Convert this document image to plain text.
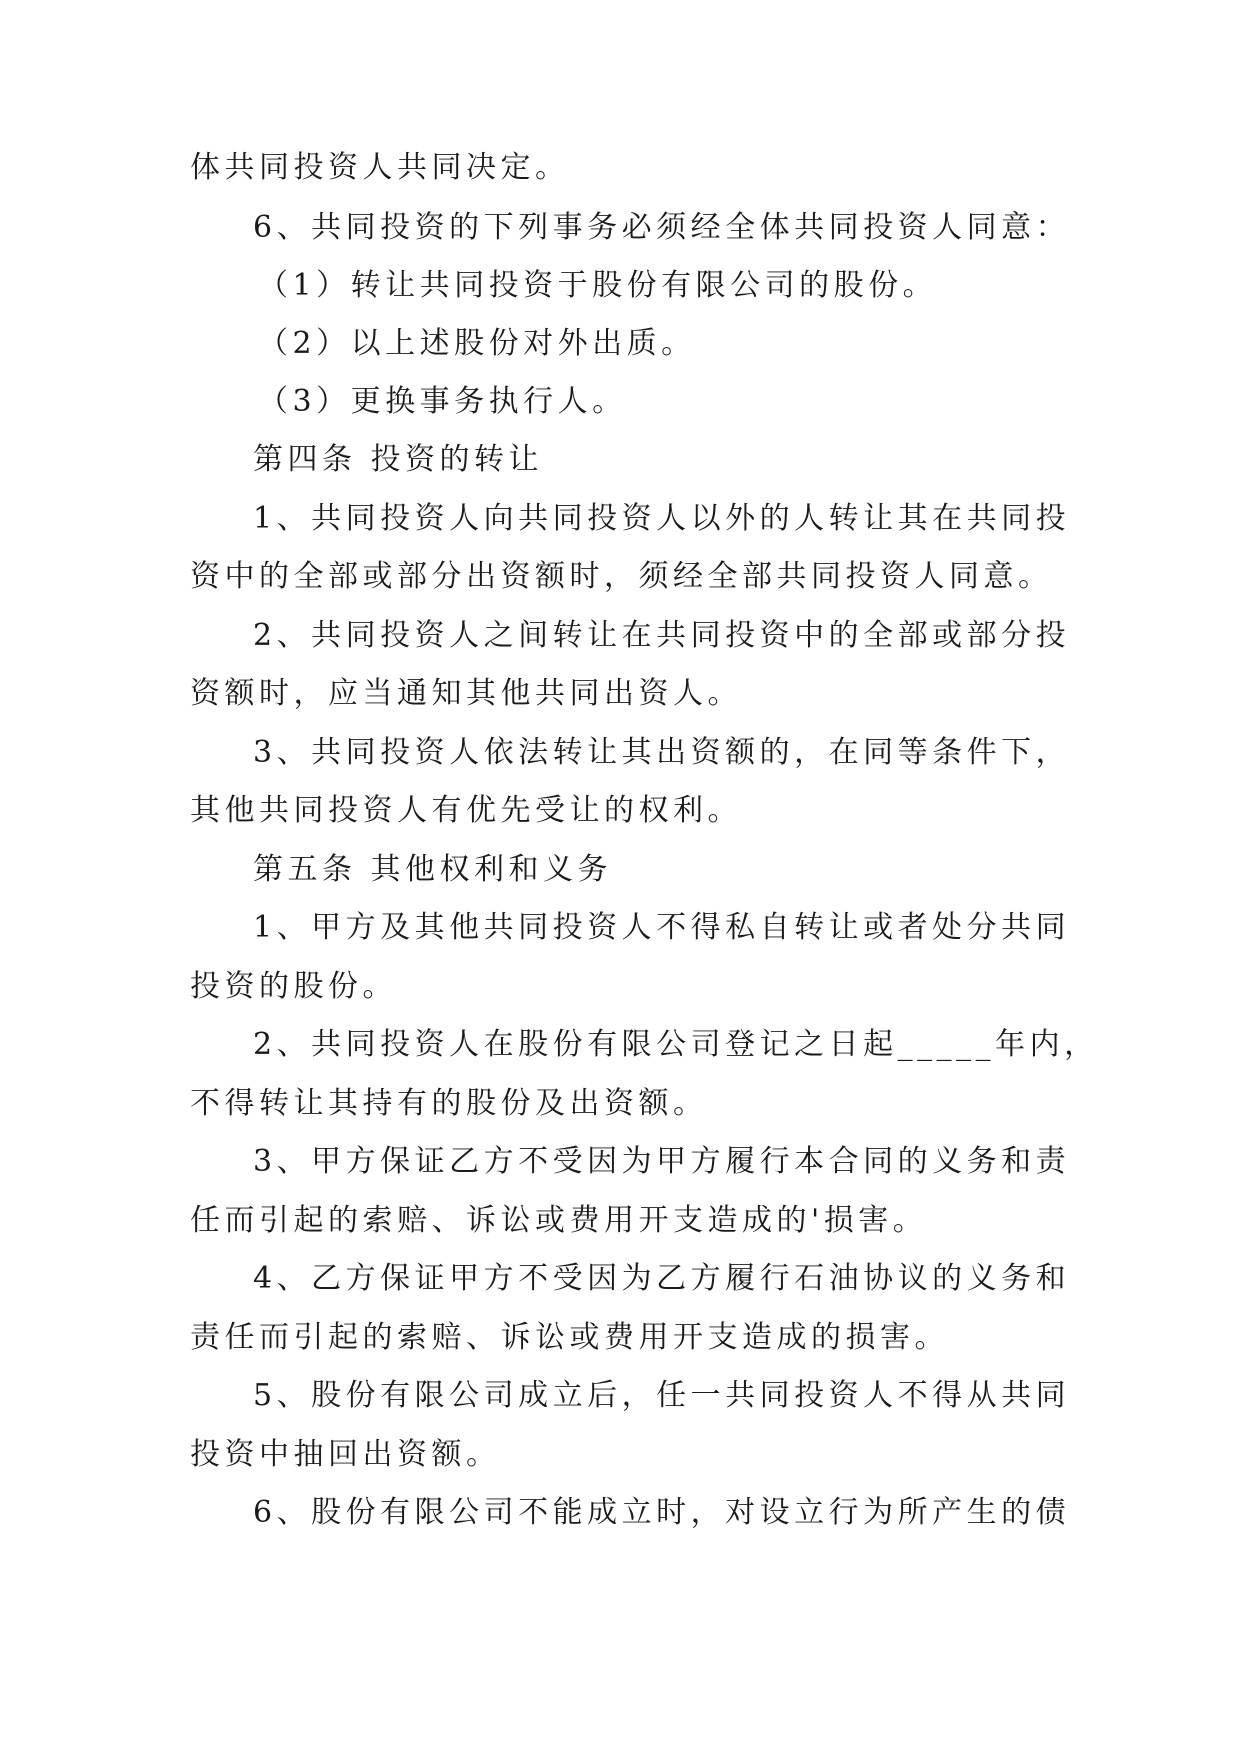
体共同投资人共同决定。
6、共同投资的下列事务必须经全体共同投资人同意：
（1）转让共同投资于股份有限公司的股份。
（2）以上述股份对外出质。
（3）更换事务执行人。
第四条 投资的转让
1、共同投资人向共同投资人以外的人转让其在共同投
资中的全部或部分出资额时，须经全部共同投资人同意。
2、共同投资人之间转让在共同投资中的全部或部分投
资额时，应当通知其他共同出资人。
3、共同投资人依法转让其出资额的，在同等条件下，
其他共同投资人有优先受让的权利。
第五条 其他权利和义务
1、甲方及其他共同投资人不得私自转让或者处分共同
投资的股份。
2、共同投资人在股份有限公司登记之日起_____年内，
不得转让其持有的股份及出资额。
3、甲方保证乙方不受因为甲方履行本合同的义务和责
任而引起的索赔、诉讼或费用开支造成的'损害。
4、乙方保证甲方不受因为乙方履行石油协议的义务和
责任而引起的索赔、诉讼或费用开支造成的损害。
5、股份有限公司成立后，任一共同投资人不得从共同
投资中抽回出资额。
6、股份有限公司不能成立时，对设立行为所产生的债
